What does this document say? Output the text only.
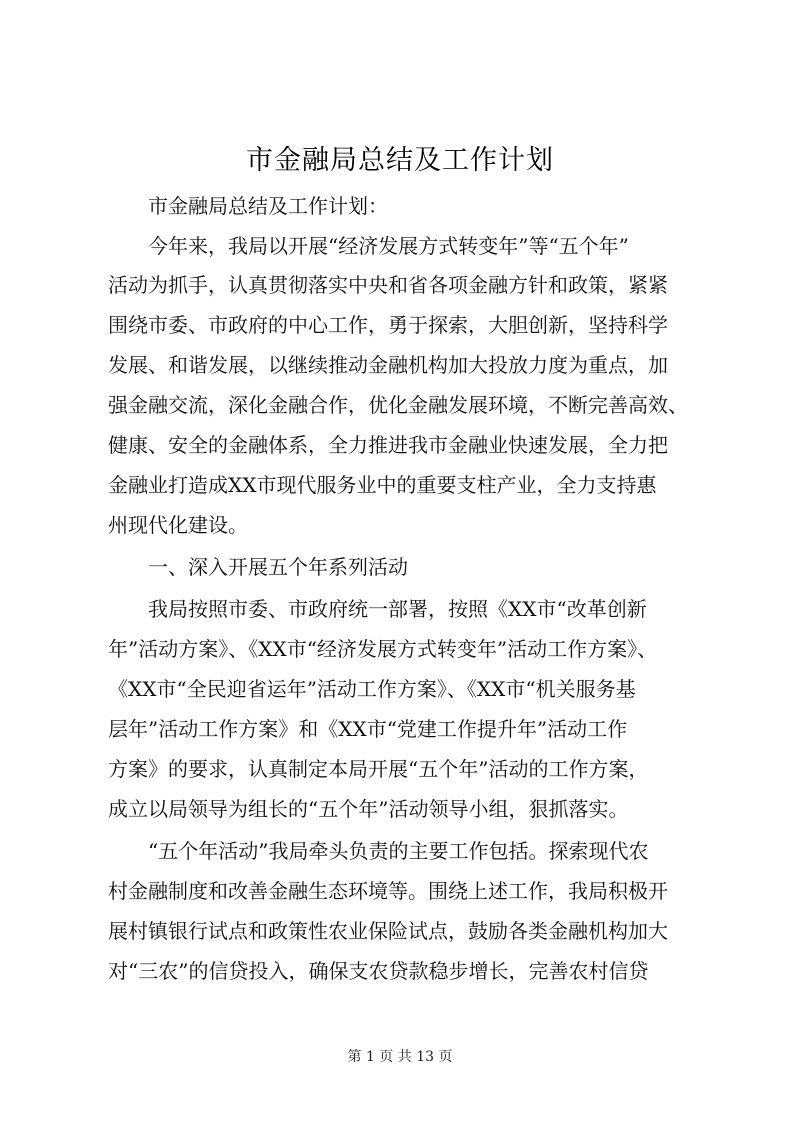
市金融局总结及工作计划
市金融局总结及工作计划：
今年来，我局以开展“经济发展方式转变年”等“五个年”
活动为抓手，认真贯彻落实中央和省各项金融方针和政策，紧紧
围绕市委、市政府的中心工作，勇于探索，大胆创新，坚持科学
发展、和谐发展，以继续推动金融机构加大投放力度为重点，加
强金融交流，深化金融合作，优化金融发展环境，不断完善高效、
健康、安全的金融体系，全力推进我市金融业快速发展，全力把
金融业打造成XX市现代服务业中的重要支柱产业，全力支持惠
州现代化建设。
一、深入开展五个年系列活动
我局按照市委、市政府统一部署，按照《XX市“改革创新
年”活动方案》、《XX市“经济发展方式转变年”活动工作方案》、
《XX市“全民迎省运年”活动工作方案》、《XX市“机关服务基
层年”活动工作方案》和《XX市“党建工作提升年”活动工作
方案》的要求，认真制定本局开展“五个年”活动的工作方案，
成立以局领导为组长的“五个年”活动领导小组，狠抓落实。
“五个年活动”我局牵头负责的主要工作包括。探索现代农
村金融制度和改善金融生态环境等。围绕上述工作，我局积极开
展村镇银行试点和政策性农业保险试点，鼓励各类金融机构加大
对“三农”的信贷投入，确保支农贷款稳步增长，完善农村信贷
第 1 页 共 13 页
